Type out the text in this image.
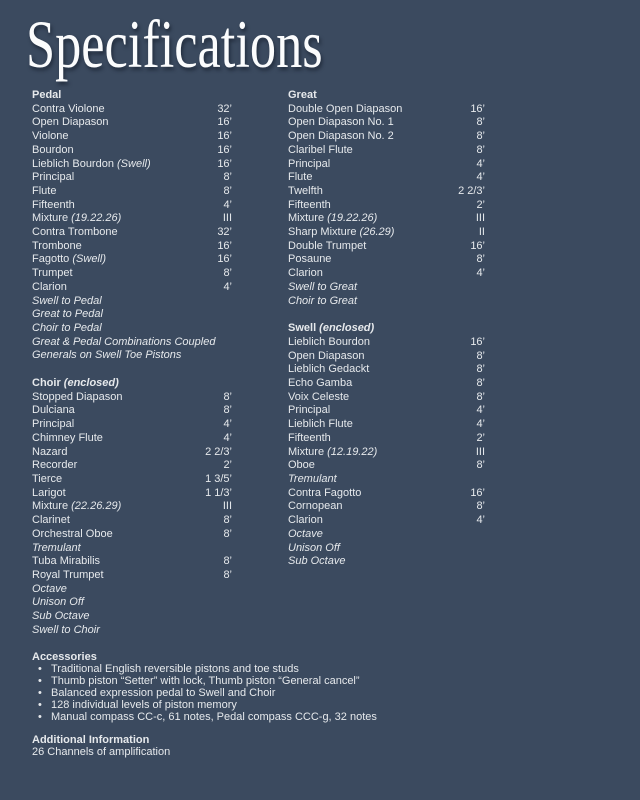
Specifications
Pedal
Contra Violone	32’
Open Diapason	16’
Violone	16’
Bourdon	16’
Lieblich Bourdon (Swell)	16’
Principal	8’
Flute	8’
Fifteenth	4’
Mixture (19.22.26)	III
Contra Trombone	32’
Trombone	16’
Fagotto (Swell)	16’
Trumpet	8’
Clarion	4’
Swell to Pedal
Great to Pedal
Choir to Pedal
Great & Pedal Combinations Coupled
Generals on Swell Toe Pistons
Choir (enclosed)
Stopped Diapason	8’
Dulciana	8’
Principal	4’
Chimney Flute	4’
Nazard	2 2/3’
Recorder	2’
Tierce	1 3/5’
Larigot	1 1/3’
Mixture (22.26.29)	III
Clarinet	8’
Orchestral Oboe	8’
Tremulant
Tuba Mirabilis	8’
Royal Trumpet	8’
Octave
Unison Off
Sub Octave
Swell to Choir
Great
Double Open Diapason	16’
Open Diapason No. 1	8’
Open Diapason No. 2	8’
Claribel Flute	8’
Principal	4’
Flute	4’
Twelfth	2 2/3’
Fifteenth	2’
Mixture (19.22.26)	III
Sharp Mixture (26.29)	II
Double Trumpet	16’
Posaune	8’
Clarion	4’
Swell to Great
Choir to Great
Swell (enclosed)
Lieblich Bourdon	16’
Open Diapason	8’
Lieblich Gedackt	8’
Echo Gamba	8’
Voix Celeste	8’
Principal	4’
Lieblich Flute	4’
Fifteenth	2’
Mixture (12.19.22)	III
Oboe	8’
Tremulant
Contra Fagotto	16’
Cornopean	8’
Clarion	4’
Octave
Unison Off
Sub Octave
Accessories
• Traditional English reversible pistons and toe studs
• Thumb piston “Setter” with lock, Thumb piston “General cancel”
• Balanced expression pedal to Swell and Choir
• 128 individual levels of piston memory
• Manual compass CC-c, 61 notes, Pedal compass CCC-g, 32 notes
Additional Information
26 Channels of amplification
